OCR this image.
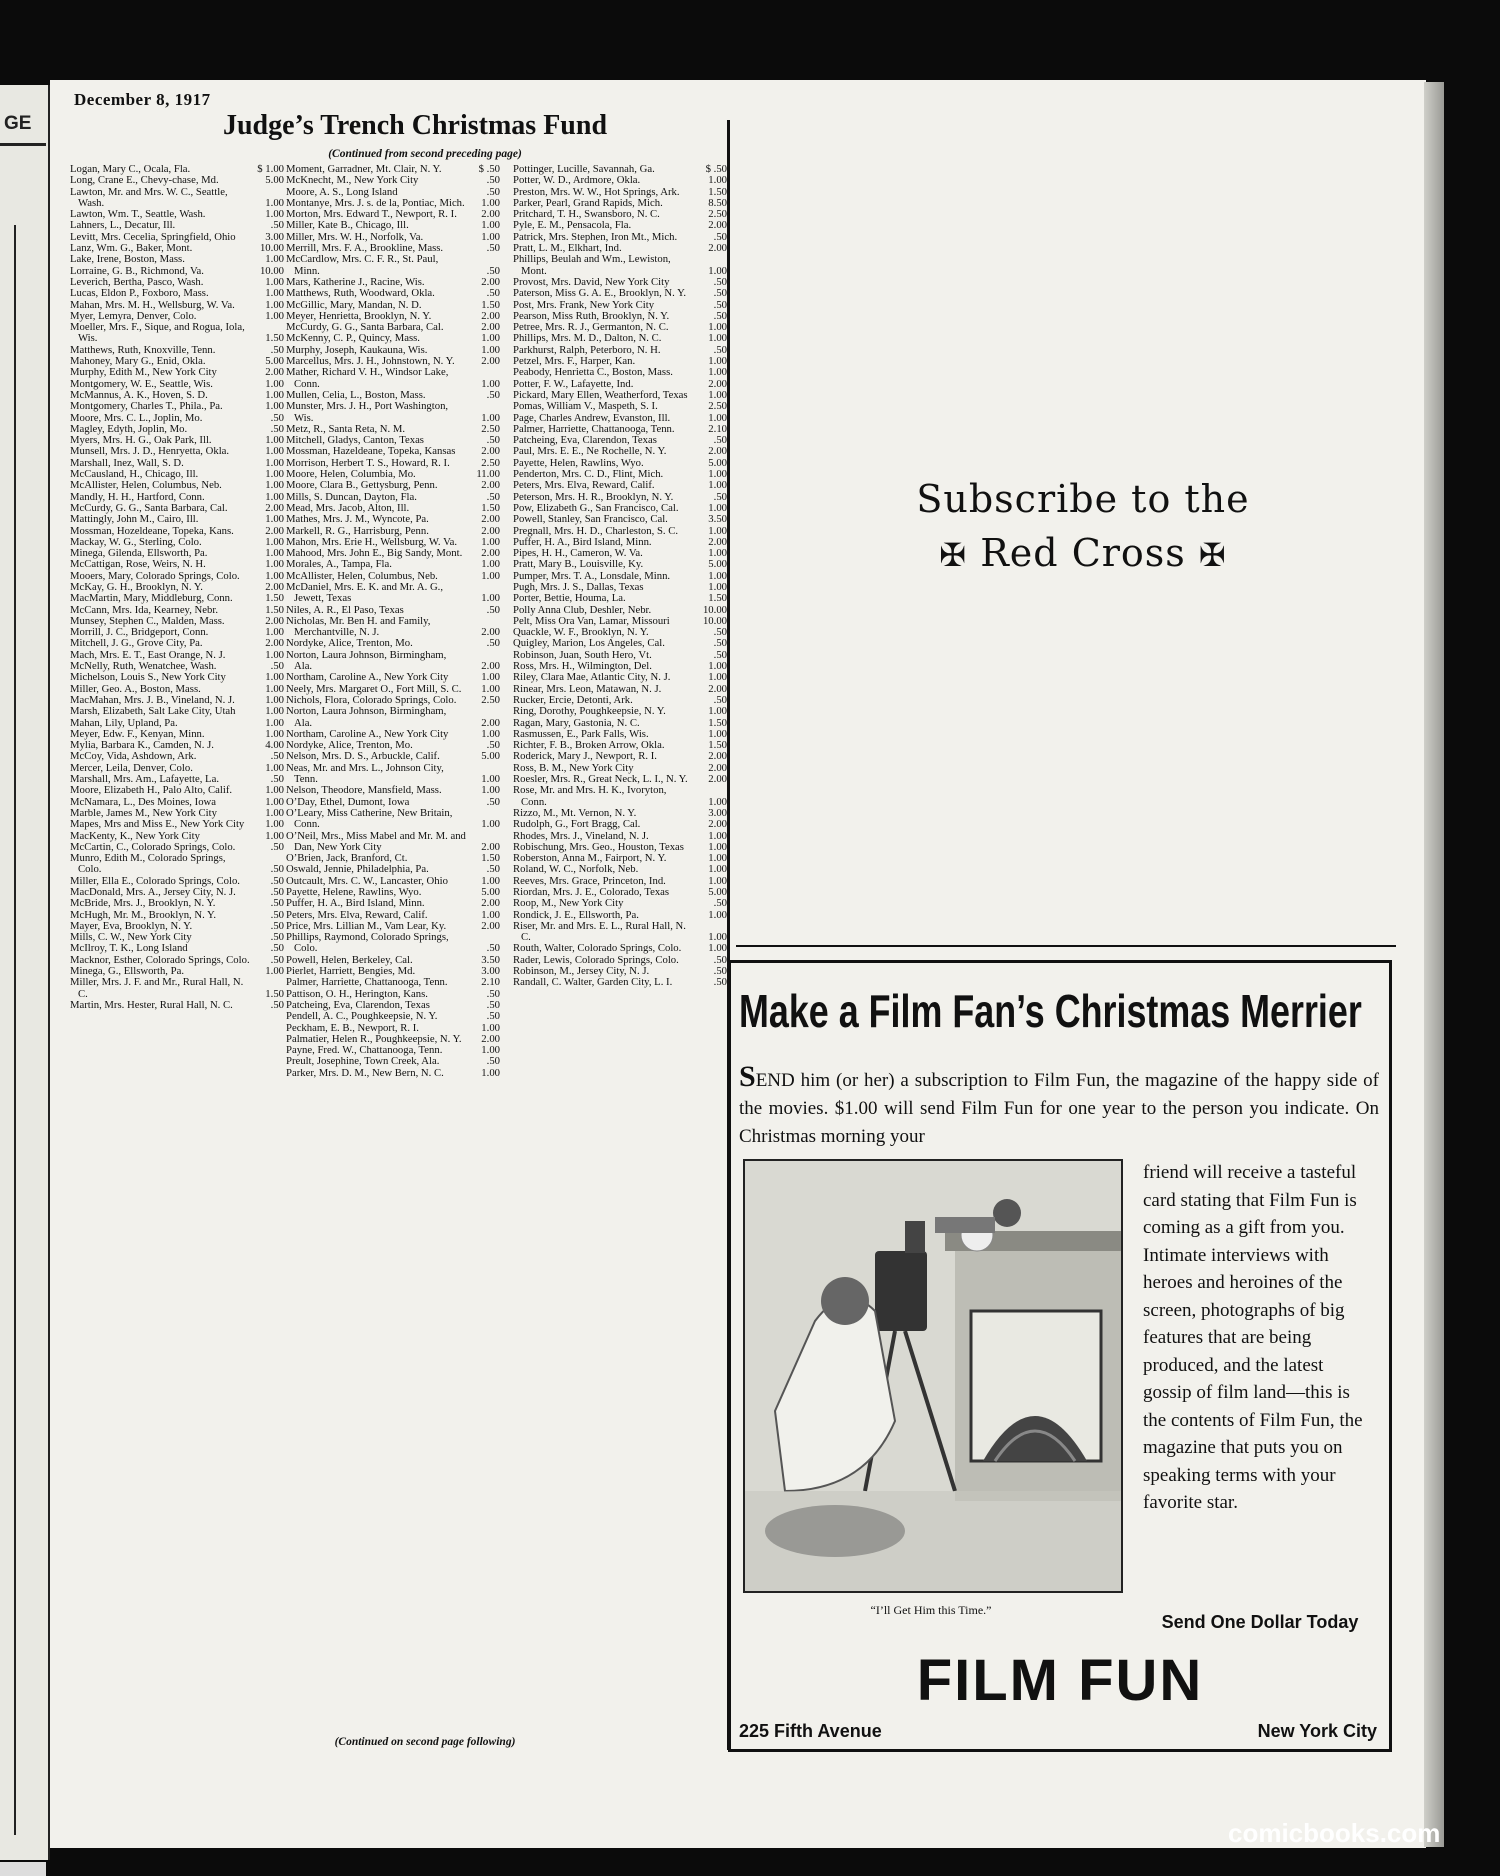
GE
December 8, 1917
Judge’s Trench Christmas Fund
(Continued from second preceding page)
Logan, Mary C., Ocala, Fla.	$ 1.00
Long, Crane E., Chevy-chase, Md.	5.00
Lawton, Mr. and Mrs. W. C., Seattle, Wash.	1.00
Lawton, Wm. T., Seattle, Wash.	1.00
Lahners, L., Decatur, Ill.	.50
Levitt, Mrs. Cecelia, Springfield, Ohio	3.00
Lanz, Wm. G., Baker, Mont.	10.00
Lake, Irene, Boston, Mass.	1.00
Lorraine, G. B., Richmond, Va.	10.00
Leverich, Bertha, Pasco, Wash.	1.00
Lucas, Eldon P., Foxboro, Mass.	1.00
Mahan, Mrs. M. H., Wellsburg, W. Va.	1.00
Myer, Lemyra, Denver, Colo.	1.00
Moeller, Mrs. F., Sique, and Rogua, Iola, Wis.	1.50
Matthews, Ruth, Knoxville, Tenn.	.50
Mahoney, Mary G., Enid, Okla.	5.00
Murphy, Edith M., New York City	2.00
Montgomery, W. E., Seattle, Wis.	1.00
McMannus, A. K., Hoven, S. D.	1.00
Montgomery, Charles T., Phila., Pa.	1.00
Moore, Mrs. C. L., Joplin, Mo.	.50
Magley, Edyth, Joplin, Mo.	.50
Myers, Mrs. H. G., Oak Park, Ill.	1.00
Munsell, Mrs. J. D., Henryetta, Okla.	1.00
Marshall, Inez, Wall, S. D.	1.00
McCausland, H., Chicago, Ill.	1.00
McAllister, Helen, Columbus, Neb.	1.00
Mandly, H. H., Hartford, Conn.	1.00
McCurdy, G. G., Santa Barbara, Cal.	2.00
Mattingly, John M., Cairo, Ill.	1.00
Mossman, Hozeldeane, Topeka, Kans.	2.00
Mackay, W. G., Sterling, Colo.	1.00
Minega, Gilenda, Ellsworth, Pa.	1.00
McCattigan, Rose, Weirs, N. H.	1.00
Mooers, Mary, Colorado Springs, Colo.	1.00
McKay, G. H., Brooklyn, N. Y.	2.00
MacMartin, Mary, Middleburg, Conn.	1.50
McCann, Mrs. Ida, Kearney, Nebr.	1.50
Munsey, Stephen C., Malden, Mass.	2.00
Morrill, J. C., Bridgeport, Conn.	1.00
Mitchell, J. G., Grove City, Pa.	2.00
Mach, Mrs. E. T., East Orange, N. J.	1.00
McNelly, Ruth, Wenatchee, Wash.	.50
Michelson, Louis S., New York City	1.00
Miller, Geo. A., Boston, Mass.	1.00
MacMahan, Mrs. J. B., Vineland, N. J.	1.00
Marsh, Elizabeth, Salt Lake City, Utah	1.00
Mahan, Lily, Upland, Pa.	1.00
Meyer, Edw. F., Kenyan, Minn.	1.00
Mylia, Barbara K., Camden, N. J.	4.00
McCoy, Vida, Ashdown, Ark.	.50
Mercer, Leila, Denver, Colo.	1.00
Marshall, Mrs. Am., Lafayette, La.	.50
Moore, Elizabeth H., Palo Alto, Calif.	1.00
McNamara, L., Des Moines, Iowa	1.00
Marble, James M., New York City	1.00
Mapes, Mrs and Miss E., New York City	1.00
MacKenty, K., New York City	1.00
McCartin, C., Colorado Springs, Colo.	.50
Munro, Edith M., Colorado Springs, Colo.	.50
Miller, Ella E., Colorado Springs, Colo.	.50
MacDonald, Mrs. A., Jersey City, N. J.	.50
McBride, Mrs. J., Brooklyn, N. Y.	.50
McHugh, Mr. M., Brooklyn, N. Y.	.50
Mayer, Eva, Brooklyn, N. Y.	.50
Mills, C. W., New York City	.50
McIlroy, T. K., Long Island	.50
Macknor, Esther, Colorado Springs, Colo.	.50
Minega, G., Ellsworth, Pa.	1.00
Miller, Mrs. J. F. and Mr., Rural Hall, N. C.	1.50
Martin, Mrs. Hester, Rural Hall, N. C.	.50
Moment, Garradner, Mt. Clair, N. Y.	$ .50
McKnecht, M., New York City	.50
Moore, A. S., Long Island	.50
Montanye, Mrs. J. s. de la, Pontiac, Mich.	1.00
Morton, Mrs. Edward T., Newport, R. I.	2.00
Miller, Kate B., Chicago, Ill.	1.00
Miller, Mrs. W. H., Norfolk, Va.	1.00
Merrill, Mrs. F. A., Brookline, Mass.	.50
McCardlow, Mrs. C. F. R., St. Paul, Minn.	.50
Mars, Katherine J., Racine, Wis.	2.00
Matthews, Ruth, Woodward, Okla.	.50
McGillic, Mary, Mandan, N. D.	1.50
Meyer, Henrietta, Brooklyn, N. Y.	2.00
McCurdy, G. G., Santa Barbara, Cal.	2.00
McKenny, C. P., Quincy, Mass.	1.00
Murphy, Joseph, Kaukauna, Wis.	1.00
Marcellus, Mrs. J. H., Johnstown, N. Y.	2.00
Mather, Richard V. H., Windsor Lake, Conn.	1.00
Mullen, Celia, L., Boston, Mass.	.50
Munster, Mrs. J. H., Port Washington, Wis.	1.00
Metz, R., Santa Reta, N. M.	2.50
Mitchell, Gladys, Canton, Texas	.50
Mossman, Hazeldeane, Topeka, Kansas	2.00
Morrison, Herbert T. S., Howard, R. I.	2.50
Moore, Helen, Columbia, Mo.	11.00
Moore, Clara B., Gettysburg, Penn.	2.00
Mills, S. Duncan, Dayton, Fla.	.50
Mead, Mrs. Jacob, Alton, Ill.	1.50
Mathes, Mrs. J. M., Wyncote, Pa.	2.00
Markell, R. G., Harrisburg, Penn.	2.00
Mahon, Mrs. Erie H., Wellsburg, W. Va.	1.00
Mahood, Mrs. John E., Big Sandy, Mont.	2.00
Morales, A., Tampa, Fla.	1.00
McAllister, Helen, Columbus, Neb.	1.00
McDaniel, Mrs. E. K. and Mr. A. G., Jewett, Texas	1.00
Niles, A. R., El Paso, Texas	.50
Nicholas, Mr. Ben H. and Family, Merchantville, N. J.	2.00
Nordyke, Alice, Trenton, Mo.	.50
Norton, Laura Johnson, Birmingham, Ala.	2.00
Northam, Caroline A., New York City	1.00
Neely, Mrs. Margaret O., Fort Mill, S. C.	1.00
Nichols, Flora, Colorado Springs, Colo.	2.50
Norton, Laura Johnson, Birmingham, Ala.	2.00
Northam, Caroline A., New York City	1.00
Nordyke, Alice, Trenton, Mo.	.50
Nelson, Mrs. D. S., Arbuckle, Calif.	5.00
Neas, Mr. and Mrs. L., Johnson City, Tenn.	1.00
Nelson, Theodore, Mansfield, Mass.	1.00
O’Day, Ethel, Dumont, Iowa	.50
O’Leary, Miss Catherine, New Britain, Conn.	1.00
O’Neil, Mrs., Miss Mabel and Mr. M. and Dan, New York City	2.00
O’Brien, Jack, Branford, Ct.	1.50
Oswald, Jennie, Philadelphia, Pa.	.50
Outcault, Mrs. C. W., Lancaster, Ohio	1.00
Payette, Helene, Rawlins, Wyo.	5.00
Puffer, H. A., Bird Island, Minn.	2.00
Peters, Mrs. Elva, Reward, Calif.	1.00
Price, Mrs. Lillian M., Vam Lear, Ky.	2.00
Phillips, Raymond, Colorado Springs, Colo.	.50
Powell, Helen, Berkeley, Cal.	3.50
Pierlet, Harriett, Bengies, Md.	3.00
Palmer, Harriette, Chattanooga, Tenn.	2.10
Pattison, O. H., Herington, Kans.	.50
Patcheing, Eva, Clarendon, Texas	.50
Pendell, A. C., Poughkeepsie, N. Y.	.50
Peckham, E. B., Newport, R. I.	1.00
Palmatier, Helen R., Poughkeepsie, N. Y.	2.00
Payne, Fred. W., Chattanooga, Tenn.	1.00
Preult, Josephine, Town Creek, Ala.	.50
Parker, Mrs. D. M., New Bern, N. C.	1.00
Pottinger, Lucille, Savannah, Ga.	$ .50
Potter, W. D., Ardmore, Okla.	1.00
Preston, Mrs. W. W., Hot Springs, Ark.	1.50
Parker, Pearl, Grand Rapids, Mich.	8.50
Pritchard, T. H., Swansboro, N. C.	2.50
Pyle, E. M., Pensacola, Fla.	2.00
Patrick, Mrs. Stephen, Iron Mt., Mich.	.50
Pratt, L. M., Elkhart, Ind.	2.00
Phillips, Beulah and Wm., Lewiston, Mont.	1.00
Provost, Mrs. David, New York City	.50
Paterson, Miss G. A. E., Brooklyn, N. Y.	.50
Post, Mrs. Frank, New York City	.50
Pearson, Miss Ruth, Brooklyn, N. Y.	.50
Petree, Mrs. R. J., Germanton, N. C.	1.00
Phillips, Mrs. M. D., Dalton, N. C.	1.00
Parkhurst, Ralph, Peterboro, N. H.	.50
Petzel, Mrs. F., Harper, Kan.	1.00
Peabody, Henrietta C., Boston, Mass.	1.00
Potter, F. W., Lafayette, Ind.	2.00
Pickard, Mary Ellen, Weatherford, Texas	1.00
Pomas, William V., Maspeth, S. I.	2.50
Page, Charles Andrew, Evanston, Ill.	1.00
Palmer, Harriette, Chattanooga, Tenn.	2.10
Patcheing, Eva, Clarendon, Texas	.50
Paul, Mrs. E. E., Ne Rochelle, N. Y.	2.00
Payette, Helen, Rawlins, Wyo.	5.00
Penderton, Mrs. C. D., Flint, Mich.	1.00
Peters, Mrs. Elva, Reward, Calif.	1.00
Peterson, Mrs. H. R., Brooklyn, N. Y.	.50
Pow, Elizabeth G., San Francisco, Cal.	1.00
Powell, Stanley, San Francisco, Cal.	3.50
Pregnall, Mrs. H. D., Charleston, S. C.	1.00
Puffer, H. A., Bird Island, Minn.	2.00
Pipes, H. H., Cameron, W. Va.	1.00
Pratt, Mary B., Louisville, Ky.	5.00
Pumper, Mrs. T. A., Lonsdale, Minn.	1.00
Pugh, Mrs. J. S., Dallas, Texas	1.00
Porter, Bettie, Houma, La.	1.50
Polly Anna Club, Deshler, Nebr.	10.00
Pelt, Miss Ora Van, Lamar, Missouri	10.00
Quackle, W. F., Brooklyn, N. Y.	.50
Quigley, Marion, Los Angeles, Cal.	.50
Robinson, Juan, South Hero, Vt.	.50
Ross, Mrs. H., Wilmington, Del.	1.00
Riley, Clara Mae, Atlantic City, N. J.	1.00
Rinear, Mrs. Leon, Matawan, N. J.	2.00
Rucker, Ercie, Detonti, Ark.	.50
Ring, Dorothy, Poughkeepsie, N. Y.	1.00
Ragan, Mary, Gastonia, N. C.	1.50
Rasmussen, E., Park Falls, Wis.	1.00
Richter, F. B., Broken Arrow, Okla.	1.50
Roderick, Mary J., Newport, R. I.	2.00
Ross, B. M., New York City	2.00
Roesler, Mrs. R., Great Neck, L. I., N. Y.	2.00
Rose, Mr. and Mrs. H. K., Ivoryton, Conn.	1.00
Rizzo, M., Mt. Vernon, N. Y.	3.00
Rudolph, G., Fort Bragg, Cal.	2.00
Rhodes, Mrs. J., Vineland, N. J.	1.00
Robischung, Mrs. Geo., Houston, Texas	1.00
Roberston, Anna M., Fairport, N. Y.	1.00
Roland, W. C., Norfolk, Neb.	1.00
Reeves, Mrs. Grace, Princeton, Ind.	1.00
Riordan, Mrs. J. E., Colorado, Texas	5.00
Roop, M., New York City	.50
Rondick, J. E., Ellsworth, Pa.	1.00
Riser, Mr. and Mrs. E. L., Rural Hall, N. C.	1.00
Routh, Walter, Colorado Springs, Colo.	1.00
Rader, Lewis, Colorado Springs, Colo.	.50
Robinson, M., Jersey City, N. J.	.50
Randall, C. Walter, Garden City, L. I.	.50
(Continued on second page following)
Subscribe to the
✠ Red Cross ✠
Make a Film Fan’s Christmas Merrier
SEND him (or her) a subscription to Film Fun, the magazine of the happy side of the movies. $1.00 will send Film Fun for one year to the person you indicate. On Christmas morning your
friend will receive a tasteful card stating that Film Fun is coming as a gift from you.
Intimate interviews with heroes and heroines of the screen, photographs of big features that are being produced, and the latest gossip of film land—this is the contents of Film Fun, the magazine that puts you on speaking terms with your favorite star.
“I’ll Get Him this Time.”
Send One Dollar Today
FILM FUN
225 Fifth Avenue	New York City
comicbooks.com
